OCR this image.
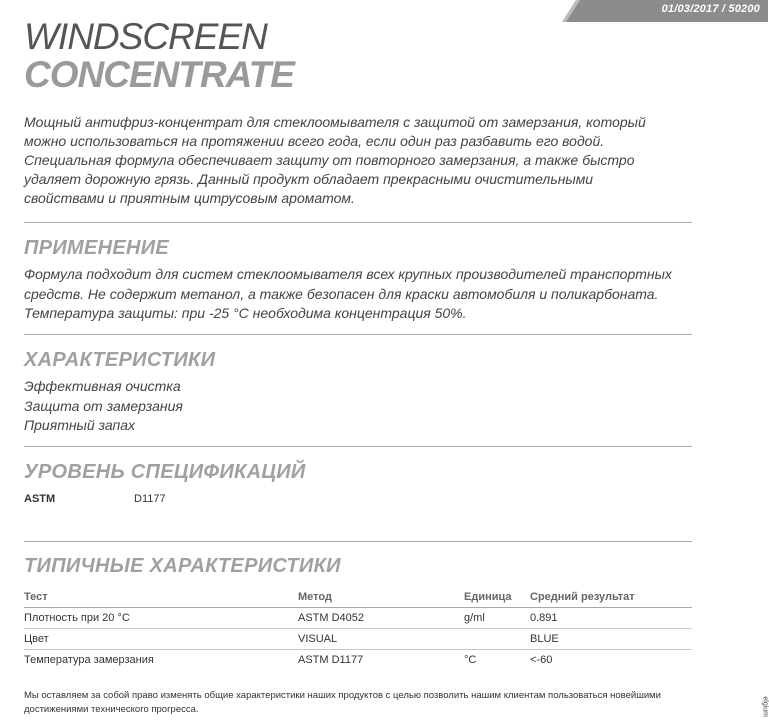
01/03/2017 / 50200
WINDSCREEN
CONCENTRATE
Мощный антифриз-концентрат для стеклоомывателя с защитой от замерзания, который можно использоваться на протяжении всего года, если один раз разбавить его водой. Специальная формула обеспечивает защиту от повторного замерзания, а также быстро удаляет дорожную грязь. Данный продукт обладает прекрасными очистительными свойствами и приятным цитрусовым ароматом.
ПРИМЕНЕНИЕ
Формула подходит для систем стеклоомывателя всех крупных производителей транспортных средств. Не содержит метанол, а также безопасен для краски автомобиля и поликарбоната. Температура защиты: при -25 °С необходима концентрация 50%.
ХАРАКТЕРИСТИКИ
Эффективная очистка
Защита от замерзания
Приятный запах
УРОВЕНЬ СПЕЦИФИКАЦИЙ
ASTM	D1177
ТИПИЧНЫЕ ХАРАКТЕРИСТИКИ
Тест	Метод	Единица	Средний результат
Плотность при 20 °С	ASTM D4052	g/ml	0.891
Цвет	VISUAL		BLUE
Температура замерзания	ASTM D1177	°C	<-60
Мы оставляем за собой право изменять общие характеристики наших продуктов с целью позволить нашим клиентам пользоваться новейшими достижениями технического прогресса.	elgium
